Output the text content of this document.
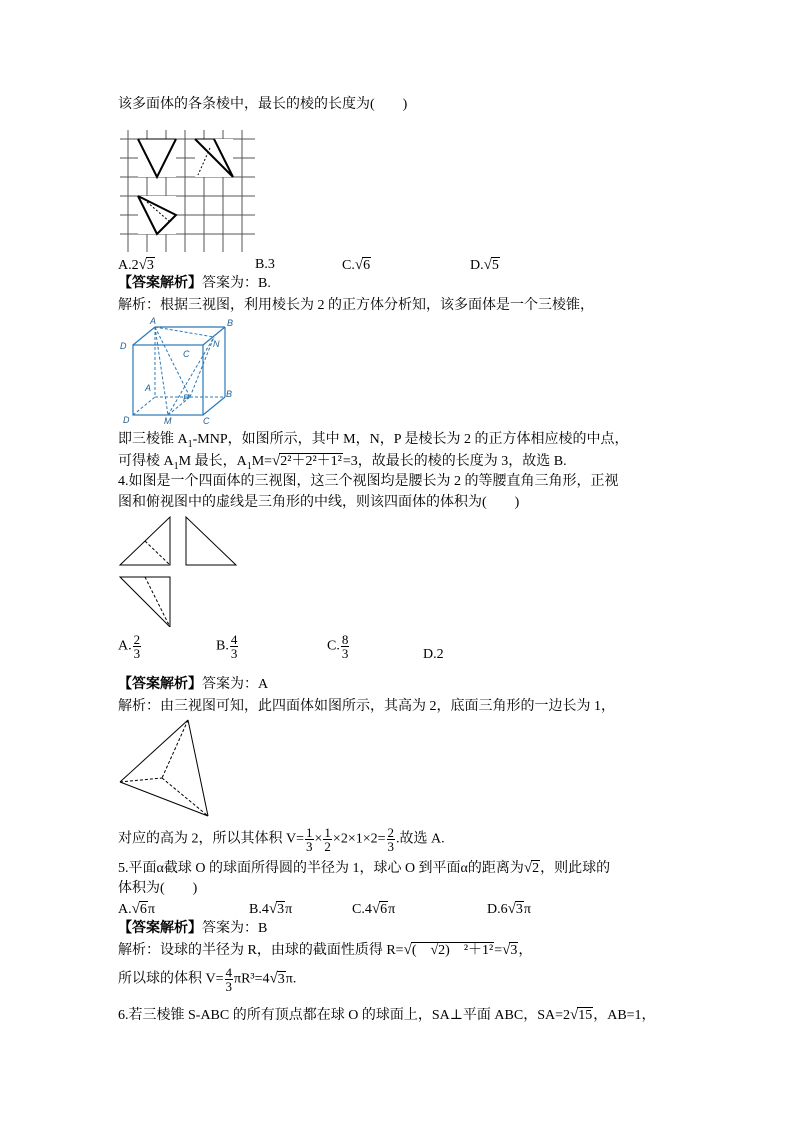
该多面体的各条棱中，最长的棱的长度为(　　)
A.2√3	B.3	C.√6	D.√5
【答案解析】答案为：B.
解析：根据三视图，利用棱长为 2 的正方体分析知，该多面体是一个三棱锥，
A	B
D
C
N
A
B
P
D	M	C
即三棱锥 $A_1$-MNP，如图所示，其中 M，N，P 是棱长为 2 的正方体相应棱的中点，
可得棱 $A_1M$ 最长，$A_1M=√2^2+2^2+1^2=3$，故最长的棱的长度为 3，故选 B.
4.如图是一个四面体的三视图，这三个视图均是腰长为 2 的等腰直角三角形，正视
图和俯视图中的虚线是三角形的中线，则该四面体的体积为(　　)
A. $\frac{2}{3}$	B. $\frac{4}{3}$	C. $\frac{8}{3}$	D.2
【答案解析】答案为：A
解析：由三视图可知，此四面体如图所示，其高为 2，底面三角形的一边长为 1，
对应的高为 2，所以其体积 $V= \frac{1}{3} \times \frac{1}{2} \times 2\times 1\times 2= \frac{2}{3}$ .故选 A.
5.平面α截球 O 的球面所得圆的半径为 1，球心 O 到平面α的距离为√2，则此球的
体积为(　　)
A.√6π	B.4√3π	C.4√6π	D.6√3π
【答案解析】答案为：B
解析：设球的半径为 R，由球的截面性质得 R=√(　√2)　²＋1²=√3，
所以球的体积 $V= \frac{4}{3} \pi R^3=4√3\pi$.
6.若三棱锥 S-ABC 的所有顶点都在球 O 的球面上，SA⊥平面 ABC，SA=2√15，AB=1，
